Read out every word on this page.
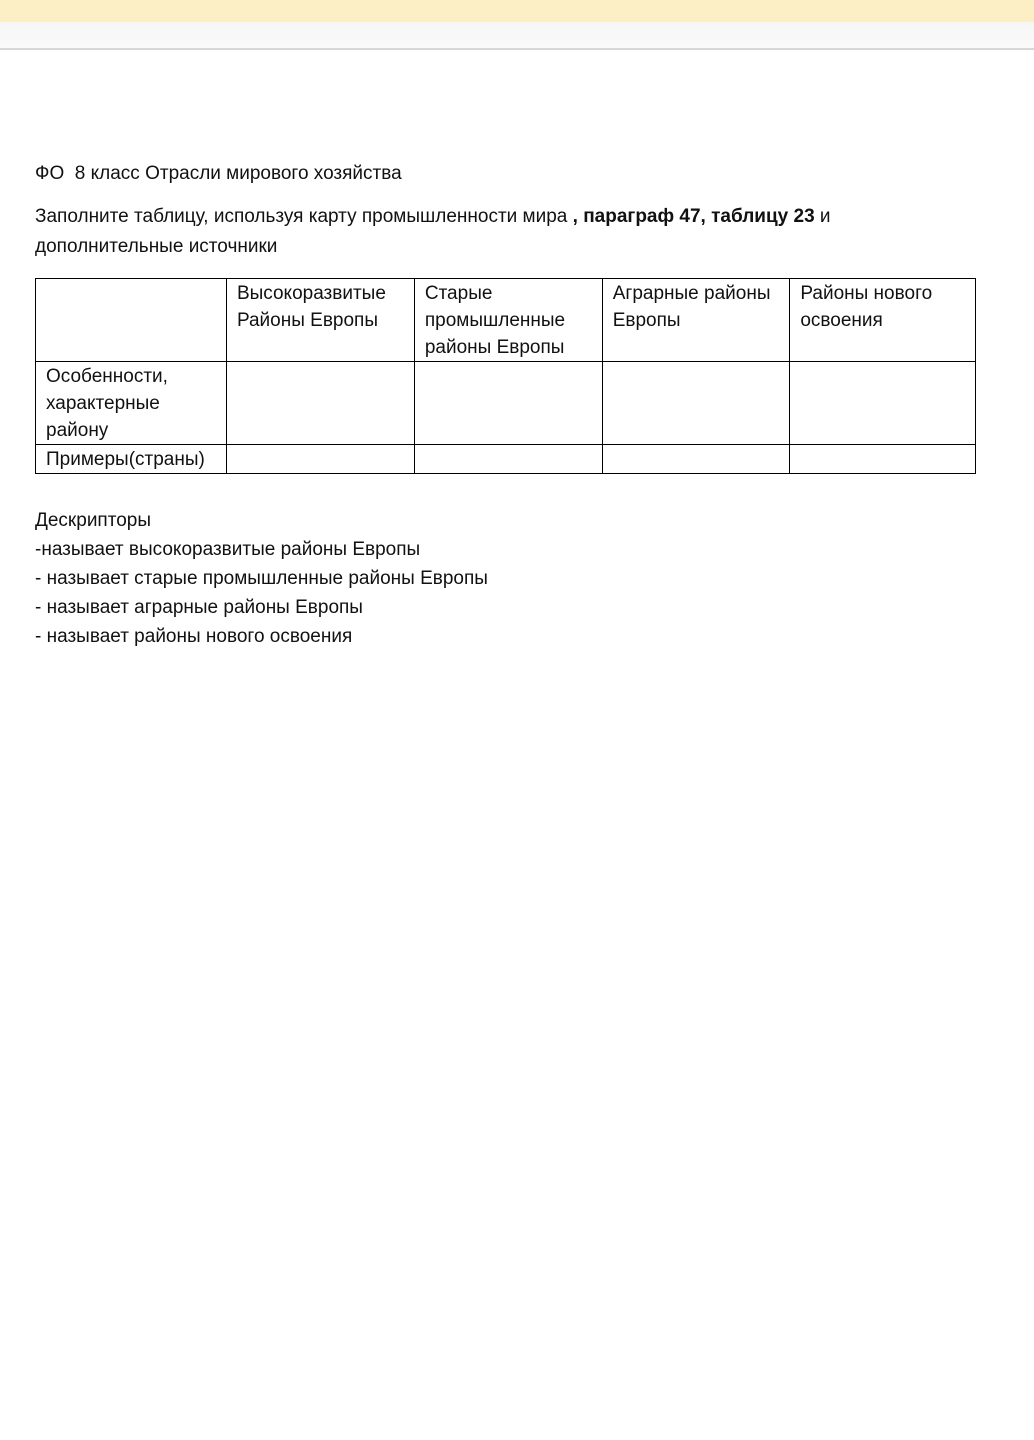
ФО  8 класс Отрасли мирового хозяйства

Заполните таблицу, используя карту промышленности мира , параграф 47, таблицу 23 и дополнительные источники

	Высокоразвитые Районы Европы	Старые промышленные районы Европы	Аграрные районы Европы	Районы нового освоения
Особенности, характерные району				
Примеры(страны)				
Дескрипторы
-называет высокоразвитые районы Европы
- называет старые промышленные районы Европы
- называет аграрные районы Европы
- называет районы нового освоения
